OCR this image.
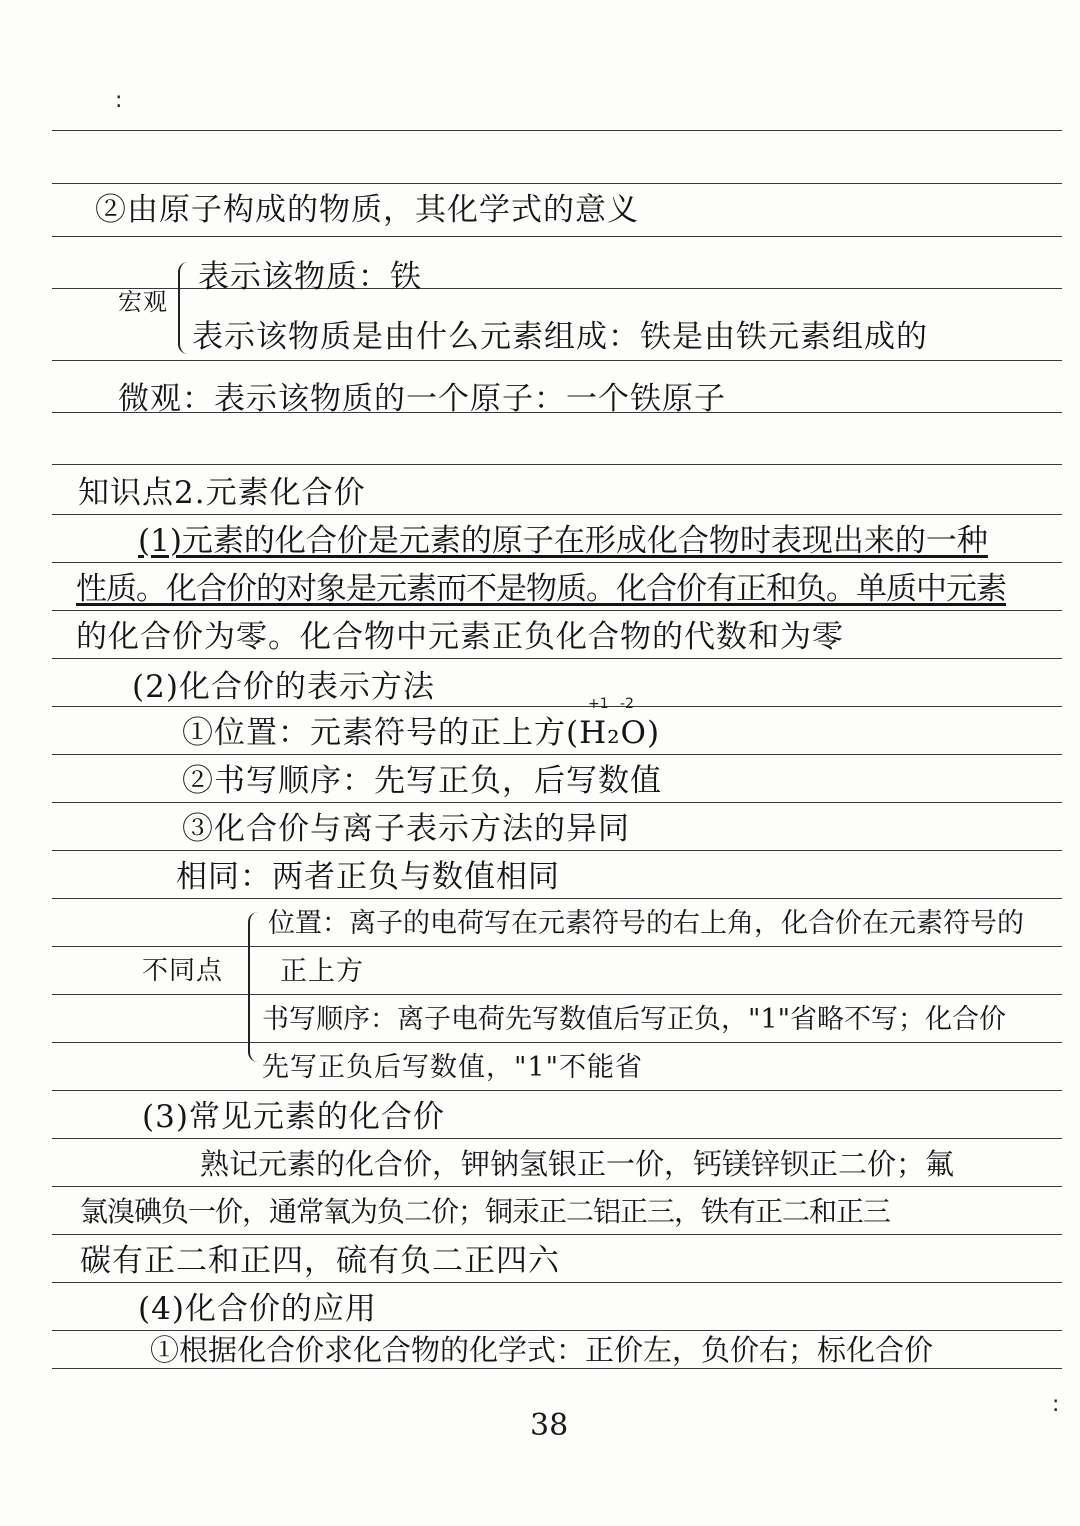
:
:
②由原子构成的物质，其化学式的意义
宏观
表示该物质：铁
表示该物质是由什么元素组成：铁是由铁元素组成的
微观：表示该物质的一个原子：一个铁原子
知识点2.元素化合价
(1)元素的化合价是元素的原子在形成化合物时表现出来的一种
性质。化合价的对象是元素而不是物质。化合价有正和负。单质中元素
的化合价为零。化合物中元素正负化合物的代数和为零
(2)化合价的表示方法
①位置：元素符号的正上方(H₂O)
+1 -2
②书写顺序：先写正负，后写数值
③化合价与离子表示方法的异同
相同：两者正负与数值相同
不同点
位置：离子的电荷写在元素符号的右上角，化合价在元素符号的
正上方
书写顺序：离子电荷先写数值后写正负，"1"省略不写；化合价
先写正负后写数值，"1"不能省
(3)常见元素的化合价
熟记元素的化合价，钾钠氢银正一价，钙镁锌钡正二价；氟
氯溴碘负一价，通常氧为负二价；铜汞正二铝正三，铁有正二和正三
碳有正二和正四，硫有负二正四六
(4)化合价的应用
①根据化合价求化合物的化学式：正价左，负价右；标化合价
38
